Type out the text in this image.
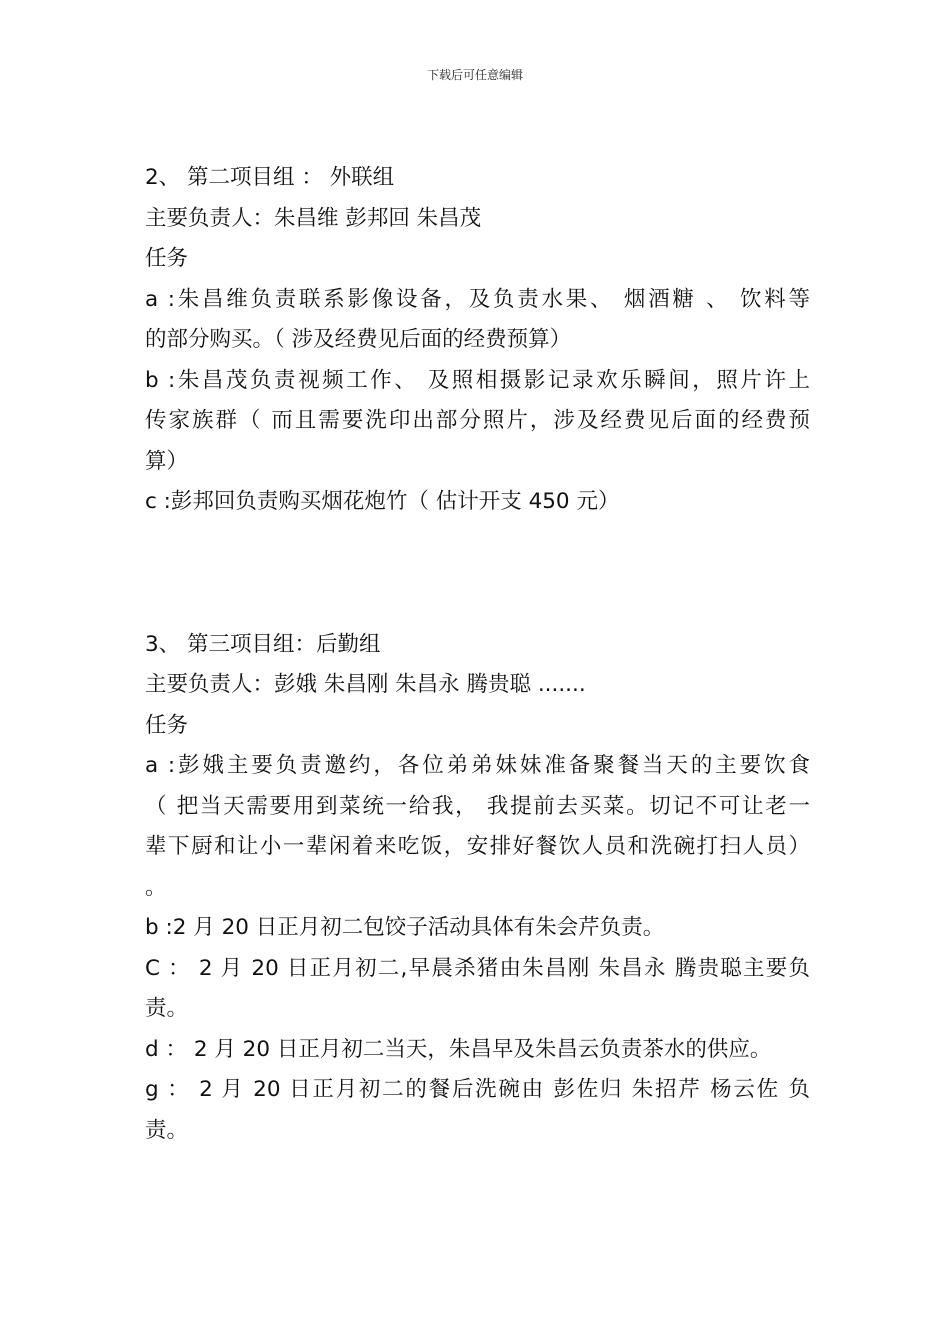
下载后可任意编辑
2、 第二项目组 ： 外联组
主要负责人：朱昌维 彭邦回 朱昌茂
任务
a :朱昌维负责联系影像设备，及负责水果、 烟酒糖 、 饮料等
的部分购买。（ 涉及经费见后面的经费预算）
b :朱昌茂负责视频工作、 及照相摄影记录欢乐瞬间，照片许上
传家族群（ 而且需要洗印出部分照片，涉及经费见后面的经费预
算）
c :彭邦回负责购买烟花炮竹（ 估计开支 450 元）
3、 第三项目组：后勤组
主要负责人：彭娥 朱昌刚 朱昌永 腾贵聪 .......
任务
a :彭娥主要负责邀约，各位弟弟妹妹准备聚餐当天的主要饮食
（ 把当天需要用到菜统一给我， 我提前去买菜。切记不可让老一
辈下厨和让小一辈闲着来吃饭，安排好餐饮人员和洗碗打扫人员）
。
b :2 月 20 日正月初二包饺子活动具体有朱会芹负责。
C ： 2 月 20 日正月初二,早晨杀猪由朱昌刚 朱昌永 腾贵聪主要负
责。
d ： 2 月 20 日正月初二当天，朱昌早及朱昌云负责茶水的供应。
g ： 2 月 20 日正月初二的餐后洗碗由 彭佐归 朱招芹 杨云佐 负
责。
